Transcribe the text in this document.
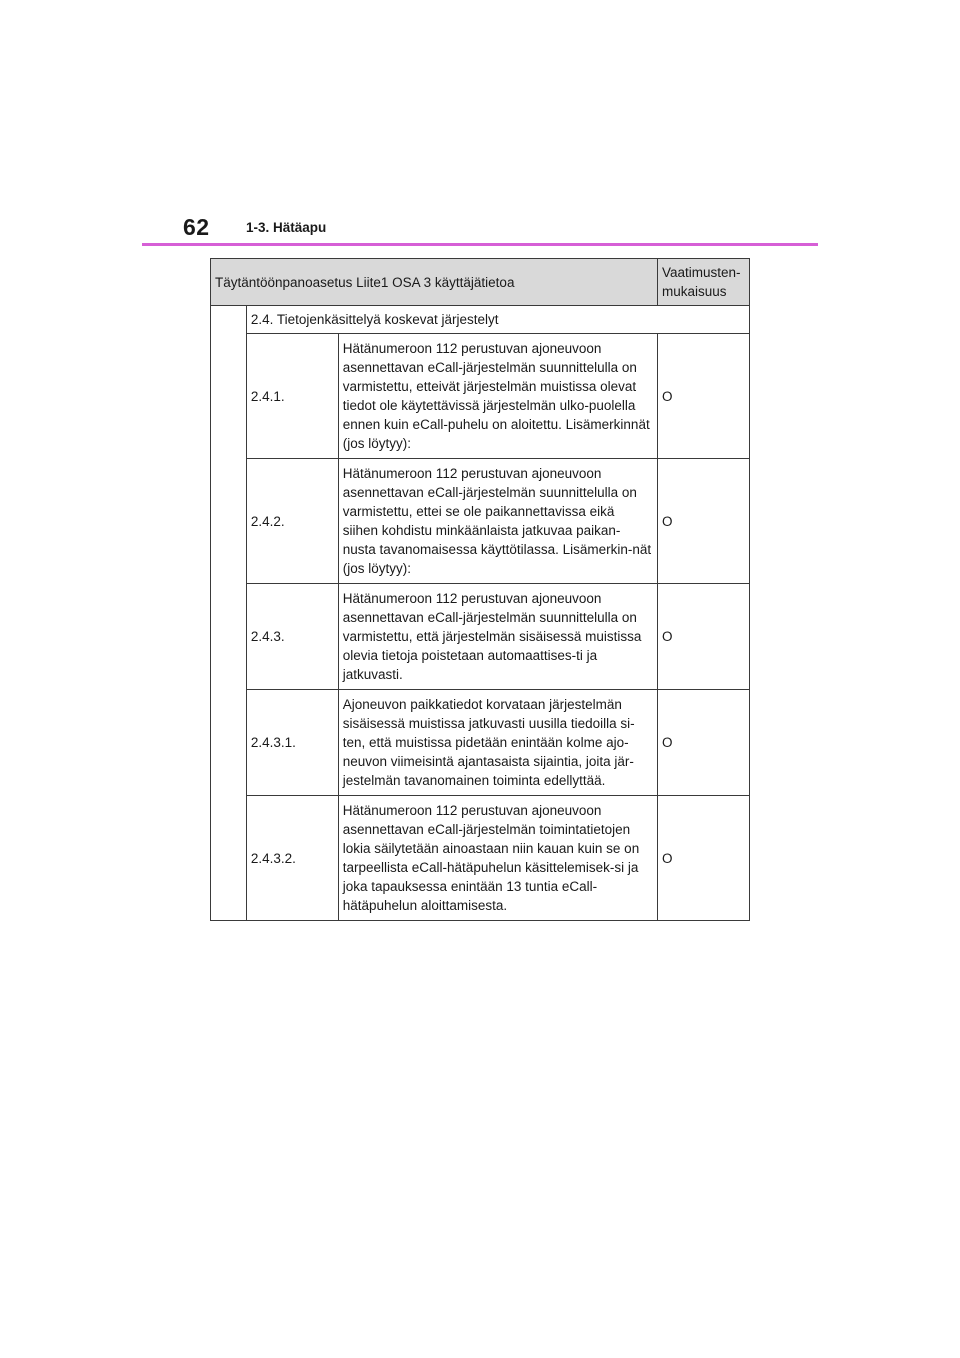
62	1-3. Hätäapu
Täytäntöönpanoasetus Liite1 OSA 3 käyttäjätietoa			Vaatimusten-
mukaisuus
	2.4. Tietojenkäsittelyä koskevat järjestelyt		
	2.4.1.	Hätänumeroon 112 perustuvan ajoneuvoon asennettavan eCall-järjestelmän suunnittelulla on varmistettu, etteivät järjestelmän muistissa olevat tiedot ole käytettävissä järjestelmän ulko-puolella ennen kuin eCall-puhelu on aloitettu. Lisämerkinnät (jos löytyy):	O
	2.4.2.	Hätänumeroon 112 perustuvan ajoneuvoon asennettavan eCall-järjestelmän suunnittelulla on varmistettu, ettei se ole paikannettavissa eikä siihen kohdistu minkäänlaista jatkuvaa paikan-nusta tavanomaisessa käyttötilassa. Lisämerkin-nät (jos löytyy):	O
	2.4.3.	Hätänumeroon 112 perustuvan ajoneuvoon asennettavan eCall-järjestelmän suunnittelulla on varmistettu, että järjestelmän sisäisessä muistissa olevia tietoja poistetaan automaattises-ti ja jatkuvasti.	O
	2.4.3.1.	Ajoneuvon paikkatiedot korvataan järjestelmän sisäisessä muistissa jatkuvasti uusilla tiedoilla si-ten, että muistissa pidetään enintään kolme ajo-neuvon viimeisintä ajantasaista sijaintia, joita jär-jestelmän tavanomainen toiminta edellyttää.	O
	2.4.3.2.	Hätänumeroon 112 perustuvan ajoneuvoon asennettavan eCall-järjestelmän toimintatietojen lokia säilytetään ainoastaan niin kauan kuin se on tarpeellista eCall-hätäpuhelun käsittelemisek-si ja joka tapauksessa enintään 13 tuntia eCall-hätäpuhelun aloittamisesta.	O
